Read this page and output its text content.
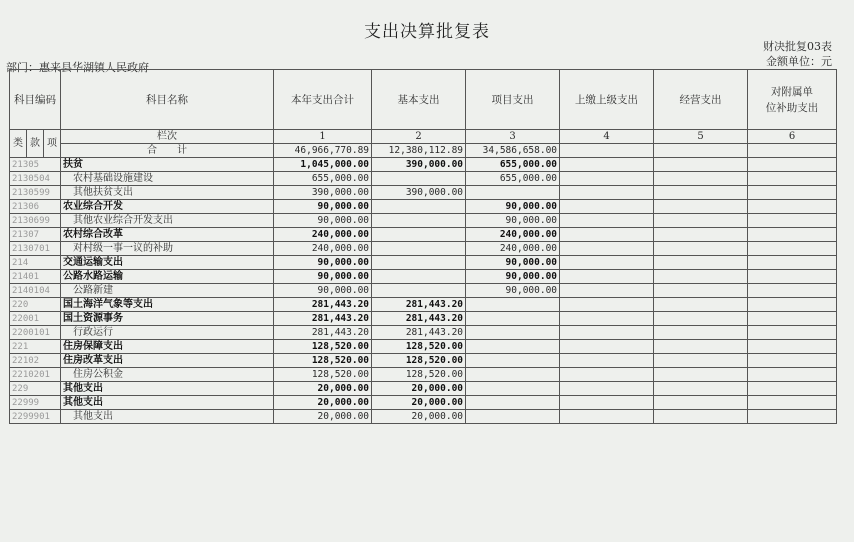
支出决算批复表
财决批复03表
金额单位：元
部门：惠来县华湖镇人民政府
科目编码			科目名称	本年支出合计	基本支出	项目支出	上缴上级支出	经营支出	对附属单
位补助支出

类	款	项	栏次	1	2	3	4	5	6
			合　　计	46,966,770.89	12,380,112.89	34,586,658.00			
21305			扶贫	1,045,000.00	390,000.00	655,000.00			
2130504			农村基础设施建设	655,000.00		655,000.00			
2130599			其他扶贫支出	390,000.00	390,000.00				
21306			农业综合开发	90,000.00		90,000.00			
2130699			其他农业综合开发支出	90,000.00		90,000.00			
21307			农村综合改革	240,000.00		240,000.00			
2130701			对村级一事一议的补助	240,000.00		240,000.00			
214			交通运输支出	90,000.00		90,000.00			
21401			公路水路运输	90,000.00		90,000.00			
2140104			公路新建	90,000.00		90,000.00			
220			国土海洋气象等支出	281,443.20	281,443.20				
22001			国土资源事务	281,443.20	281,443.20				
2200101			行政运行	281,443.20	281,443.20				
221			住房保障支出	128,520.00	128,520.00				
22102			住房改革支出	128,520.00	128,520.00				
2210201			住房公积金	128,520.00	128,520.00				
229			其他支出	20,000.00	20,000.00				
22999			其他支出	20,000.00	20,000.00				
2299901			其他支出	20,000.00	20,000.00				
